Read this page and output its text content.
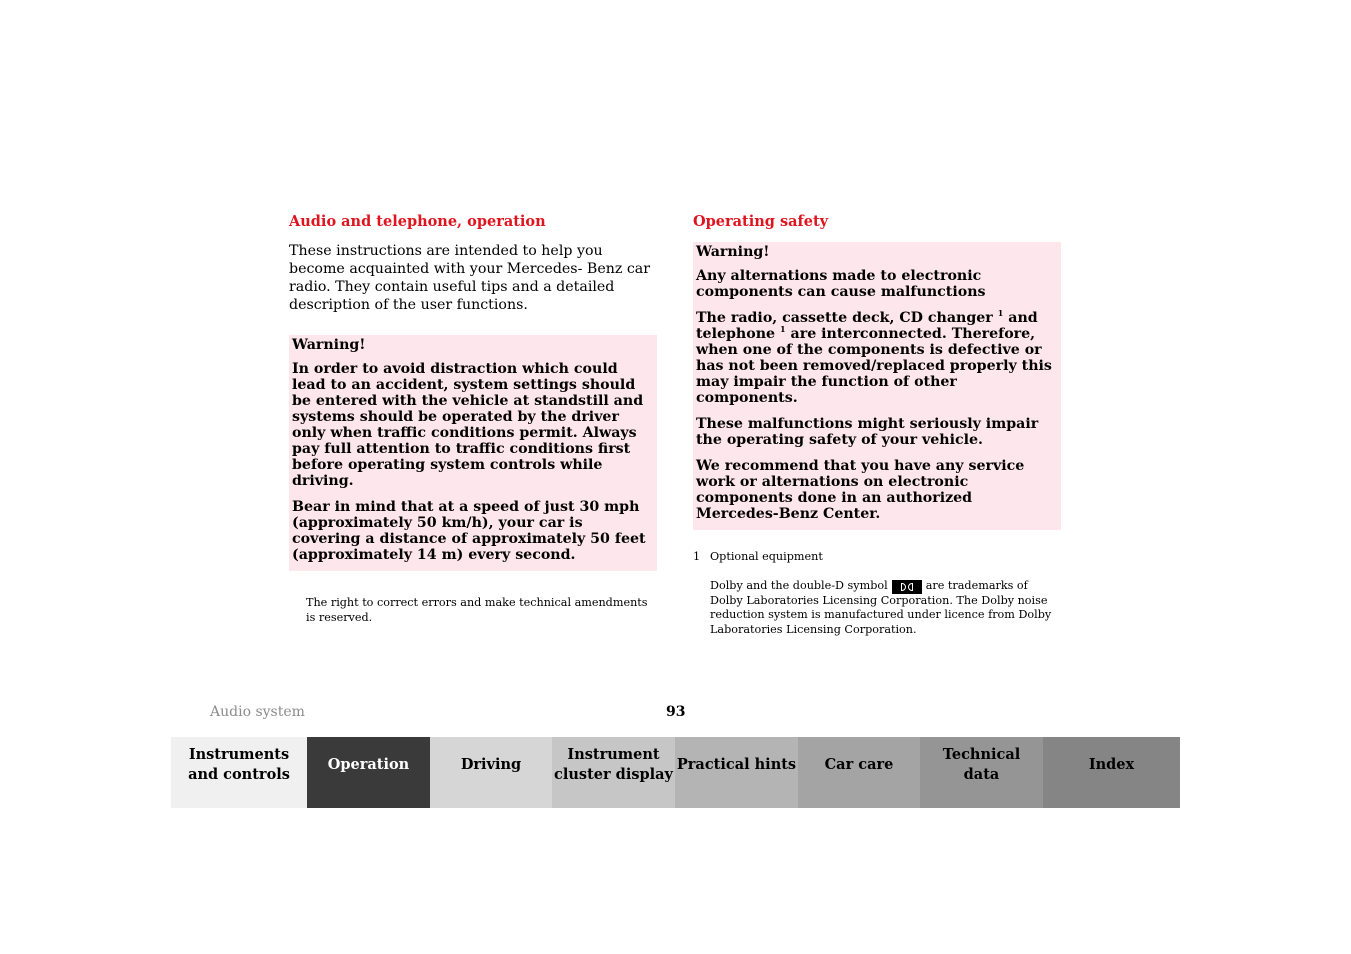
Audio and telephone, operation

These instructions are intended to help you become acquainted with your Mercedes- Benz car radio. They contain useful tips and a detailed description of the user functions.

Warning!

In order to avoid distraction which could lead to an accident, system settings should be entered with the vehicle at standstill and systems should be operated by the driver only when traffic conditions permit. Always pay full attention to traffic conditions first before operating system controls while driving.

Bear in mind that at a speed of just 30 mph (approximately 50 km/h), your car is covering a distance of approximately 50 feet (approximately 14 m) every second.

The right to correct errors and make technical amendments is reserved.

Operating safety

Warning!

Any alternations made to electronic components can cause malfunctions

The radio, cassette deck, CD changer $^1$ and telephone $^1$ are interconnected. Therefore, when one of the components is defective or has not been removed/replaced properly this may impair the function of other components.

These malfunctions might seriously impair the operating safety of your vehicle.

We recommend that you have any service work or alternations on electronic components done in an authorized Mercedes-Benz Center.

1 Optional equipment

Dolby and the double-D symbol	are trademarks of Dolby Laboratories Licensing Corporation. The Dolby noise reduction system is manufactured under licence from Dolby Laboratories Licensing Corporation.

Audio system	93
Instruments
and controls
Operation	Driving
Instrument
cluster display
Practical hints Car care
Technical
data
Index
